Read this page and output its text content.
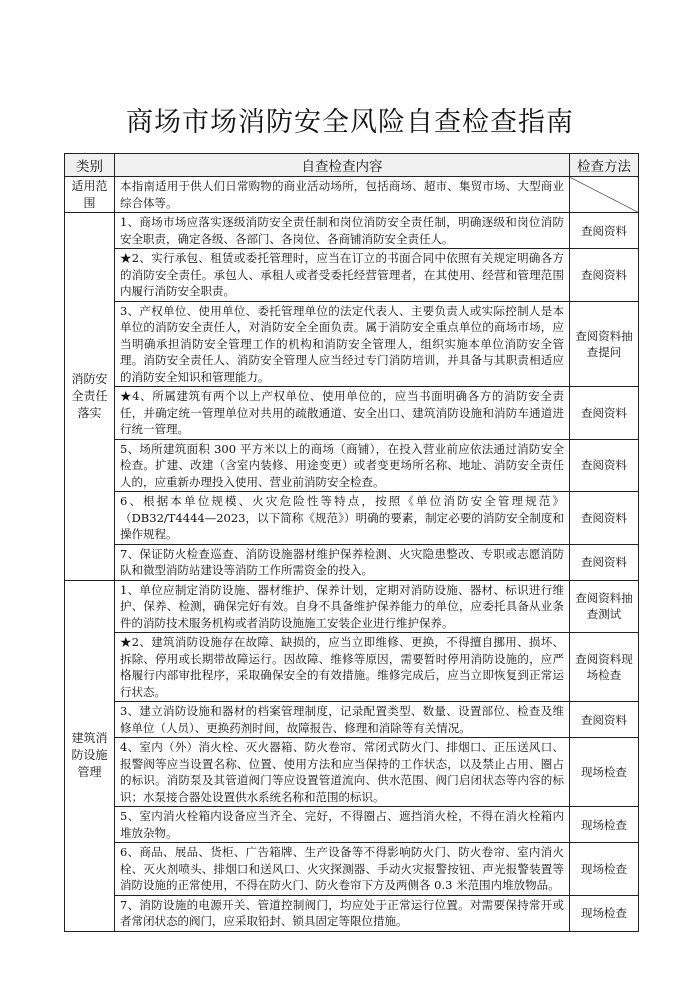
商场市场消防安全风险自查检查指南
类别	自查检查内容	检查方法
适用范围	本指南适用于供人们日常购物的商业活动场所，包括商场、超市、集贸市场、大型商业综合体等。	
消防安全责任落实	1、商场市场应落实逐级消防安全责任制和岗位消防安全责任制，明确逐级和岗位消防安全职责，确定各级、各部门、各岗位、各商铺消防安全责任人。	查阅资料
	★2、实行承包、租赁或委托管理时，应当在订立的书面合同中依照有关规定明确各方的消防安全责任。承包人、承租人或者受委托经营管理者，在其使用、经营和管理范围内履行消防安全职责。	查阅资料
	3、产权单位、使用单位、委托管理单位的法定代表人、主要负责人或实际控制人是本单位的消防安全责任人，对消防安全全面负责。属于消防安全重点单位的商场市场，应当明确承担消防安全管理工作的机构和消防安全管理人，组织实施本单位消防安全管理。消防安全责任人、消防安全管理人应当经过专门消防培训，并具备与其职责相适应的消防安全知识和管理能力。	查阅资料抽查提问
	★4、所属建筑有两个以上产权单位、使用单位的，应当书面明确各方的消防安全责任，并确定统一管理单位对共用的疏散通道、安全出口、建筑消防设施和消防车通道进行统一管理。	查阅资料
	5、场所建筑面积 300 平方米以上的商场（商铺），在投入营业前应依法通过消防安全检查。扩建、改建（含室内装修、用途变更）或者变更场所名称、地址、消防安全责任人的，应重新办理投入使用、营业前消防安全检查。	查阅资料
	6、根据本单位规模、火灾危险性等特点，按照《单位消防安全管理规范》（DB32/T4444—2023，以下简称《规范》）明确的要素，制定必要的消防安全制度和操作规程。	查阅资料
	7、保证防火检查巡查、消防设施器材维护保养检测、火灾隐患整改、专职或志愿消防队和微型消防站建设等消防工作所需资金的投入。	查阅资料
建筑消防设施管理	1、单位应制定消防设施、器材维护、保养计划，定期对消防设施、器材、标识进行维护、保养、检测，确保完好有效。自身不具备维护保养能力的单位，应委托具备从业条件的消防技术服务机构或者消防设施施工安装企业进行维护保养。	查阅资料抽查测试
	★2、建筑消防设施存在故障、缺损的，应当立即维修、更换，不得擅自挪用、损坏、拆除、停用或长期带故障运行。因故障、维修等原因，需要暂时停用消防设施的，应严格履行内部审批程序，采取确保安全的有效措施。维修完成后，应当立即恢复到正常运行状态。	查阅资料现场检查
	3、建立消防设施和器材的档案管理制度，记录配置类型、数量、设置部位、检查及维修单位（人员）、更换药剂时间，故障报告、修理和消除等有关情况。	查阅资料
	4、室内（外）消火栓、灭火器箱、防火卷帘、常闭式防火门、排烟口、正压送风口、报警阀等应当设置名称、位置、使用方法和应当保持的工作状态，以及禁止占用、圈占的标识。消防泵及其管道阀门等应设置管道流向、供水范围、阀门启闭状态等内容的标识；水泵接合器处设置供水系统名称和范围的标识。	现场检查
	5、室内消火栓箱内设备应当齐全、完好，不得圈占、遮挡消火栓，不得在消火栓箱内堆放杂物。	现场检查
	6、商品、展品、货柜、广告箱牌、生产设备等不得影响防火门、防火卷帘、室内消火栓、灭火剂喷头、排烟口和送风口、火灾探测器、手动火灾报警按钮、声光报警装置等消防设施的正常使用，不得在防火门、防火卷帘下方及两侧各 0.3 米范围内堆放物品。	现场检查
	7、消防设施的电源开关、管道控制阀门，均应处于正常运行位置。对需要保持常开或者常闭状态的阀门，应采取铅封、锁具固定等限位措施。	现场检查
